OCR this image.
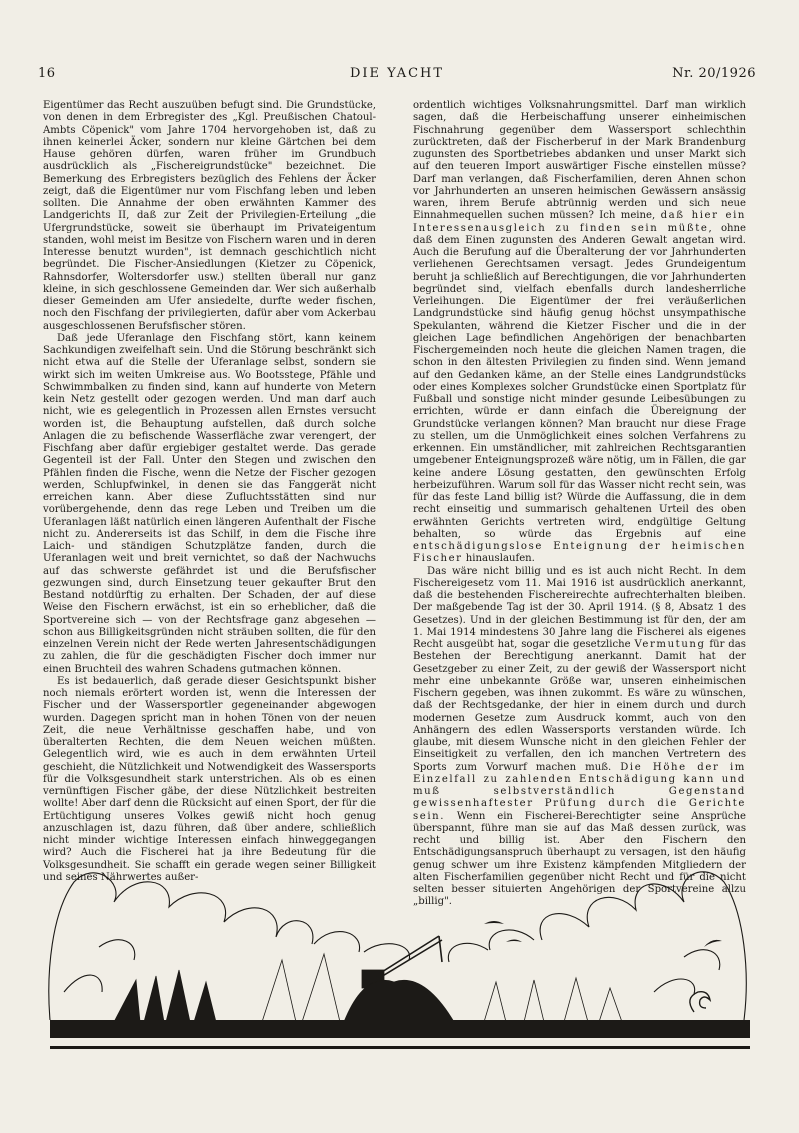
16	DIE YACHT	Nr. 20/1926

Eigentümer das Recht auszuüben befugt sind. Die Grundstücke, von denen in dem Erbregister des „Kgl. Preußischen Chatoul-Ambts Cöpenick" vom Jahre 1704 hervorgehoben ist, daß zu ihnen keinerlei Äcker, sondern nur kleine Gärtchen bei dem Hause gehören dürfen, waren früher im Grundbuch ausdrücklich als „Fischereigrundstücke" bezeichnet. Die Bemerkung des Erbregisters bezüglich des Fehlens der Äcker zeigt, daß die Eigentümer nur vom Fischfang leben und leben sollten. Die Annahme der oben erwähnten Kammer des Landgerichts II, daß zur Zeit der Privilegien-Erteilung „die Ufergrundstücke, soweit sie überhaupt im Privateigentum standen, wohl meist im Besitze von Fischern waren und in deren Interesse benutzt wurden", ist demnach geschichtlich nicht begründet. Die Fischer-Ansiedlungen (Kietzer zu Cöpenick, Rahnsdorfer, Woltersdorfer usw.) stellten überall nur ganz kleine, in sich geschlossene Gemeinden dar. Wer sich außerhalb dieser Gemeinden am Ufer ansiedelte, durfte weder fischen, noch den Fischfang der privilegierten, dafür aber vom Ackerbau ausgeschlossenen Berufsfischer stören.

Daß jede Uferanlage den Fischfang stört, kann keinem Sachkundigen zweifelhaft sein. Und die Störung beschränkt sich nicht etwa auf die Stelle der Uferanlage selbst, sondern sie wirkt sich im weiten Umkreise aus. Wo Bootsstege, Pfähle und Schwimmbalken zu finden sind, kann auf hunderte von Metern kein Netz gestellt oder gezogen werden. Und man darf auch nicht, wie es gelegentlich in Prozessen allen Ernstes versucht worden ist, die Behauptung aufstellen, daß durch solche Anlagen die zu befischende Wasserfläche zwar verengert, der Fischfang aber dafür ergiebiger gestaltet werde. Das gerade Gegenteil ist der Fall. Unter den Stegen und zwischen den Pfählen finden die Fische, wenn die Netze der Fischer gezogen werden, Schlupfwinkel, in denen sie das Fanggerät nicht erreichen kann. Aber diese Zufluchtsstätten sind nur vorübergehende, denn das rege Leben und Treiben um die Uferanlagen läßt natürlich einen längeren Aufenthalt der Fische nicht zu. Andererseits ist das Schilf, in dem die Fische ihre Laich- und ständigen Schutzplätze fanden, durch die Uferanlagen weit und breit vernichtet, so daß der Nachwuchs auf das schwerste gefährdet ist und die Berufsfischer gezwungen sind, durch Einsetzung teuer gekaufter Brut den Bestand notdürftig zu erhalten. Der Schaden, der auf diese Weise den Fischern erwächst, ist ein so erheblicher, daß die Sportvereine sich — von der Rechtsfrage ganz abgesehen — schon aus Billigkeitsgründen nicht sträuben sollten, die für den einzelnen Verein nicht der Rede werten Jahresentschädigungen zu zahlen, die für die geschädigten Fischer doch immer nur einen Bruchteil des wahren Schadens gutmachen können.

Es ist bedauerlich, daß gerade dieser Gesichtspunkt bisher noch niemals erörtert worden ist, wenn die Interessen der Fischer und der Wassersportler gegeneinander abgewogen wurden. Dagegen spricht man in hohen Tönen von der neuen Zeit, die neue Verhältnisse geschaffen habe, und von überalterten Rechten, die dem Neuen weichen müßten. Gelegentlich wird, wie es auch in dem erwähnten Urteil geschieht, die Nützlichkeit und Notwendigkeit des Wassersports für die Volksgesundheit stark unterstrichen. Als ob es einen vernünftigen Fischer gäbe, der diese Nützlichkeit bestreiten wollte! Aber darf denn die Rücksicht auf einen Sport, der für die Ertüchtigung unseres Volkes gewiß nicht hoch genug anzuschlagen ist, dazu führen, daß über andere, schließlich nicht minder wichtige Interessen einfach hinweggegangen wird? Auch die Fischerei hat ja ihre Bedeutung für die Volksgesundheit. Sie schafft ein gerade wegen seiner Billigkeit und seines Nährwertes außer-

ordentlich wichtiges Volksnahrungsmittel. Darf man wirklich sagen, daß die Herbeischaffung unserer einheimischen Fischnahrung gegenüber dem Wassersport schlechthin zurücktreten, daß der Fischerberuf in der Mark Brandenburg zugunsten des Sportbetriebes abdanken und unser Markt sich auf den teueren Import auswärtiger Fische einstellen müsse? Darf man verlangen, daß Fischerfamilien, deren Ahnen schon vor Jahrhunderten an unseren heimischen Gewässern ansässig waren, ihrem Berufe abtrünnig werden und sich neue Einnahmequellen suchen müssen? Ich meine, daß hier ein Interessenausgleich zu finden sein müßte, ohne daß dem Einen zugunsten des Anderen Gewalt angetan wird. Auch die Berufung auf die Überalterung der vor Jahrhunderten verliehenen Gerechtsamen versagt. Jedes Grundeigentum beruht ja schließlich auf Berechtigungen, die vor Jahrhunderten begründet sind, vielfach ebenfalls durch landesherrliche Verleihungen. Die Eigentümer der frei veräußerlichen Landgrundstücke sind häufig genug höchst unsympathische Spekulanten, während die Kietzer Fischer und die in der gleichen Lage befindlichen Angehörigen der benachbarten Fischergemeinden noch heute die gleichen Namen tragen, die schon in den ältesten Privilegien zu finden sind. Wenn jemand auf den Gedanken käme, an der Stelle eines Landgrundstücks oder eines Komplexes solcher Grundstücke einen Sportplatz für Fußball und sonstige nicht minder gesunde Leibesübungen zu errichten, würde er dann einfach die Übereignung der Grundstücke verlangen können? Man braucht nur diese Frage zu stellen, um die Unmöglichkeit eines solchen Verfahrens zu erkennen. Ein umständlicher, mit zahlreichen Rechtsgarantien umgebener Enteignungsprozeß wäre nötig, um in Fällen, die gar keine andere Lösung gestatten, den gewünschten Erfolg herbeizuführen. Warum soll für das Wasser nicht recht sein, was für das feste Land billig ist? Würde die Auffassung, die in dem recht einseitig und summarisch gehaltenen Urteil des oben erwähnten Gerichts vertreten wird, endgültige Geltung behalten, so würde das Ergebnis auf eine entschädigungslose Enteignung der heimischen Fischer hinauslaufen.

Das wäre nicht billig und es ist auch nicht Recht. In dem Fischereigesetz vom 11. Mai 1916 ist ausdrücklich anerkannt, daß die bestehenden Fischereirechte aufrechterhalten bleiben. Der maßgebende Tag ist der 30. April 1914. (§ 8, Absatz 1 des Gesetzes). Und in der gleichen Bestimmung ist für den, der am 1. Mai 1914 mindestens 30 Jahre lang die Fischerei als eigenes Recht ausgeübt hat, sogar die gesetzliche Vermutung für das Bestehen der Berechtigung anerkannt. Damit hat der Gesetzgeber zu einer Zeit, zu der gewiß der Wassersport nicht mehr eine unbekannte Größe war, unseren einheimischen Fischern gegeben, was ihnen zukommt. Es wäre zu wünschen, daß der Rechtsgedanke, der hier in einem durch und durch modernen Gesetze zum Ausdruck kommt, auch von den Anhängern des edlen Wassersports verstanden würde. Ich glaube, mit diesem Wunsche nicht in den gleichen Fehler der Einseitigkeit zu verfallen, den ich manchen Vertretern des Sports zum Vorwurf machen muß. Die Höhe der im Einzelfall zu zahlenden Entschädigung kann und muß selbstverständlich Gegenstand gewissenhaftester Prüfung durch die Gerichte sein. Wenn ein Fischerei-Berechtigter seine Ansprüche überspannt, führe man sie auf das Maß dessen zurück, was recht und billig ist. Aber den Fischern den Entschädigungsanspruch überhaupt zu versagen, ist den häufig genug schwer um ihre Existenz kämpfenden Mitgliedern der alten Fischerfamilien gegenüber nicht Recht und für die nicht selten besser situierten Angehörigen der Sportvereine allzu „billig".
